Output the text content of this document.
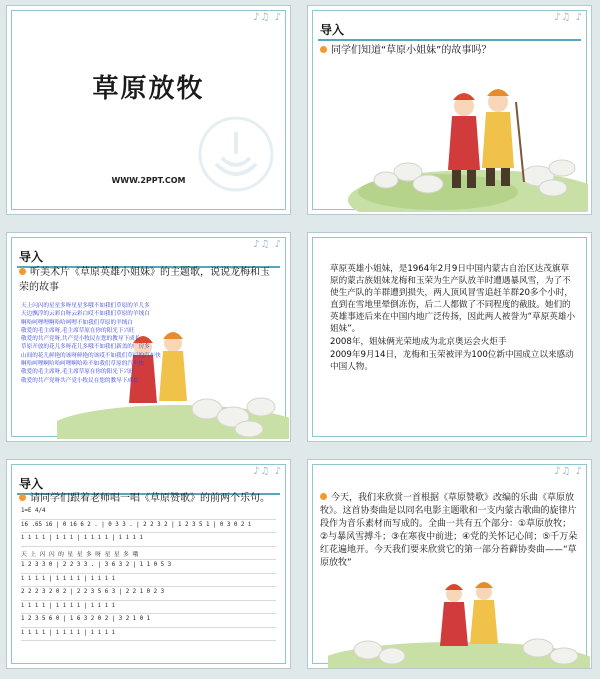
♪♫ ♪
草原放牧
WWW.2PPT.COM
♪♫ ♪
导入
同学们知道“草原小姐妹”的故事吗？
♪♫ ♪
导入
听美术片《草原英雄小姐妹》的主题歌，说说龙梅和玉荣的故事
天上闪闪的星星多呀星星多哦不如我们草原的羊儿多
天边飘浮的云彩白呀云彩白哎不如我们草原的羊绒白
啊哈呵哩哩啊哈哈呵哩不如我们草原的羊绒白
敬爱的毛主席呀,毛主席草原在你的阳光下兴旺
敬爱的共产党呀,共产党小牧民在您的教导下成长
草原开放的花儿多呀花儿多哦不如我们新盖的厂房多
山间的花儿鲜艳的该呀鲜艳的该哎不如我们草原的汽车快
啊哈呵哩啊哈哈呵哩啊哈哈不如我们草原的汽车快
敬爱的毛主席呀,毛主席草原在你的阳光下兴旺
敬爱的共产党呀共产党小牧民在您的教导下成长

草原英雄小姐妹，是1964年2月9日中国内蒙古自治区达茂旗草原的蒙古族姐妹龙梅和玉荣为生产队放羊时遭遇暴风雪，为了不使生产队的羊群遭到损失，两人顶风冒雪追赶羊群20多个小时，直到在雪地里晕倒冻伤，后二人都做了不同程度的截肢。她们的英雄事迹后来在中国内地广泛传扬，因此两人被誉为“草原英雄小姐妹”。

2008年，姐妹俩光荣地成为北京奥运会火炬手

2009年9月14日，龙梅和玉荣被评为100位新中国成立以来感动中国人物。

♪♫ ♪
导入
请同学们跟着老师唱一唱《草原赞歌》的前两个乐句。
1=E 4/4
i6 .65 i6 | 0 i6 6 2 . | 0 3 3 . | 2 2 3 2 | 1 2 3 5 1 | 0 3 0 2 i
i i i i | i i i | i i i i | i i i i
天 上 闪 闪 的 星 星 多 呀 星 星 多 哦
1 2 3 3 0 | 2 2 3 3 . | 3 6 3 2 | 1 1 0 5 3
i i i i | i i i i | i i i i
2 2 2 3 2 0 2 | 2 2 3 5 6 3 | 2 2 1 0 2 3
i i i i | i i i i | i i i i
1 2 3 5 6 0 | 1 6 3 2 0 2 | 3 2 1 0 1
i i i i | i i i i | i i i i
♪♫ ♪
今天，我们来欣赏一首根据《草原赞歌》改编的乐曲《草原放牧》。这首协奏曲是以同名电影主题歌和一支内蒙古歌曲的旋律片段作为音乐素材而写成的。全曲一共有五个部分：①草原放牧；②与暴风雪搏斗；③在寒夜中前进；④党的关怀记心间；⑤千万朵红花遍地开。今天我们要来欣赏它的第一部分苔藓协奏曲——“草原放牧”
